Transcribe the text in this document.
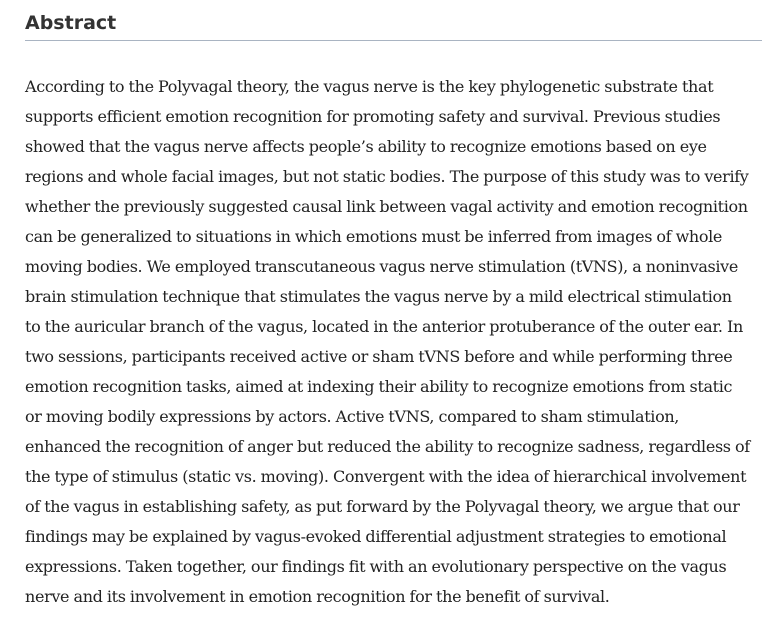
Abstract

According to the Polyvagal theory, the vagus nerve is the key phylogenetic substrate that
supports efficient emotion recognition for promoting safety and survival. Previous studies
showed that the vagus nerve affects people’s ability to recognize emotions based on eye
regions and whole facial images, but not static bodies. The purpose of this study was to verify
whether the previously suggested causal link between vagal activity and emotion recognition
can be generalized to situations in which emotions must be inferred from images of whole
moving bodies. We employed transcutaneous vagus nerve stimulation (tVNS), a noninvasive
brain stimulation technique that stimulates the vagus nerve by a mild electrical stimulation
to the auricular branch of the vagus, located in the anterior protuberance of the outer ear. In
two sessions, participants received active or sham tVNS before and while performing three
emotion recognition tasks, aimed at indexing their ability to recognize emotions from static
or moving bodily expressions by actors. Active tVNS, compared to sham stimulation,
enhanced the recognition of anger but reduced the ability to recognize sadness, regardless of
the type of stimulus (static vs. moving). Convergent with the idea of hierarchical involvement
of the vagus in establishing safety, as put forward by the Polyvagal theory, we argue that our
findings may be explained by vagus-evoked differential adjustment strategies to emotional
expressions. Taken together, our findings fit with an evolutionary perspective on the vagus
nerve and its involvement in emotion recognition for the benefit of survival.
